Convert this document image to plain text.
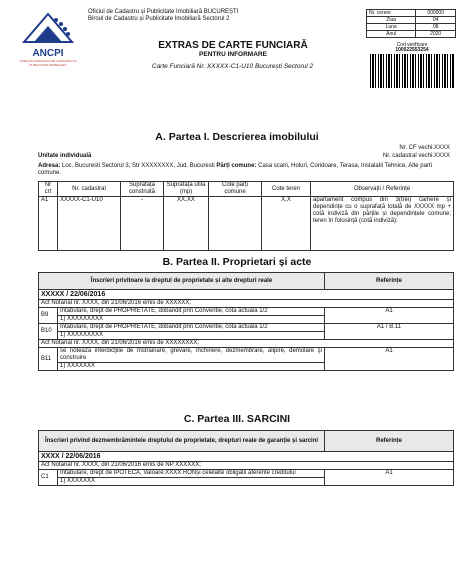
ANCPI
AGENȚIA NAȚIONALĂ DE CADASTRU ȘI PUBLICITATE IMOBILIARĂ
Oficiul de Cadastru și Publicitate Imobiliară BUCUREȘTI
Biroul de Cadastru și Publicitate Imobiliară Sectorul 2
EXTRAS DE CARTE FUNCIARĂ
PENTRU INFORMARE
Carte Funciară Nr. XXXXX-C1-U10 București Sectorul 2
Nr. cerere	000000
Ziua	04
Luna	08
Anul	2020
Cod verificare
100022553254
A. Partea I. Descrierea imobilului
Nr. CF vechi:XXXX
Nr. cadastral vechi:XXXX
Unitate individuală
Adresa: Loc. Bucuresti Sectorul 3, Str XXXXXXXX, Jud. Bucuresti Părți comune: Casa scarii, Holuri, Coridoare, Terasa, Instalatii Tehnice, Alte parti comune.
Nr crt	Nr. cadastral	Suprafața construită	Suprafața utilă (mp)	Cote părți comune	Cote teren	Observații / Referințe
A1	XXXXX-C1-U10	-	XX,XX		X,X	apartament compus din 3(trei) camere și dependințe cu o suprafață totală de XXXXX mp + cotă indiviză din părțile și dependințele comune; teren în folosință (cotă indiviză):
B. Partea II. Proprietari și acte
Înscrieri privitoare la dreptul de proprietate și alte drepturi reale		Referințe
XXXXX / 22/06/2016		
Act Notarial nr. XXXX, din 21/06/2016 emis de XXXXXX;		
B9	Intabulare, drept de PROPRIETATE, dobandit prin Conventie, cota actuala 1/2	A1
	1) XXXXXXXXX	
B10	Intabulare, drept de PROPRIETATE, dobandit prin Conventie, cota actuala 1/2	A1 / B.11
	1) XXXXXXXXX	
Act Notarial nr. XXXX, din 21/06/2016 emis de XXXXXXXX;		
B11	se noteaza interdicţiile de înstrainare, grevare, închiriere, dezmembrare, alipire, demolare şi construire	A1
	1) XXXXXXX	
C. Partea III. SARCINI
Înscrieri privind dezmembrămintele dreptului de proprietate, drepturi reale de garanție și sarcini		Referințe
XXXX / 22/06/2016		
Act Notarial nr. XXXX, din 21/06/2016 emis de NP XXXXXX;		
C1	Intabulare, drept de IPOTECA, Valoare:XXXX RONși celelalte obligatii aferente creditului	A1
	1) XXXXXXX	
